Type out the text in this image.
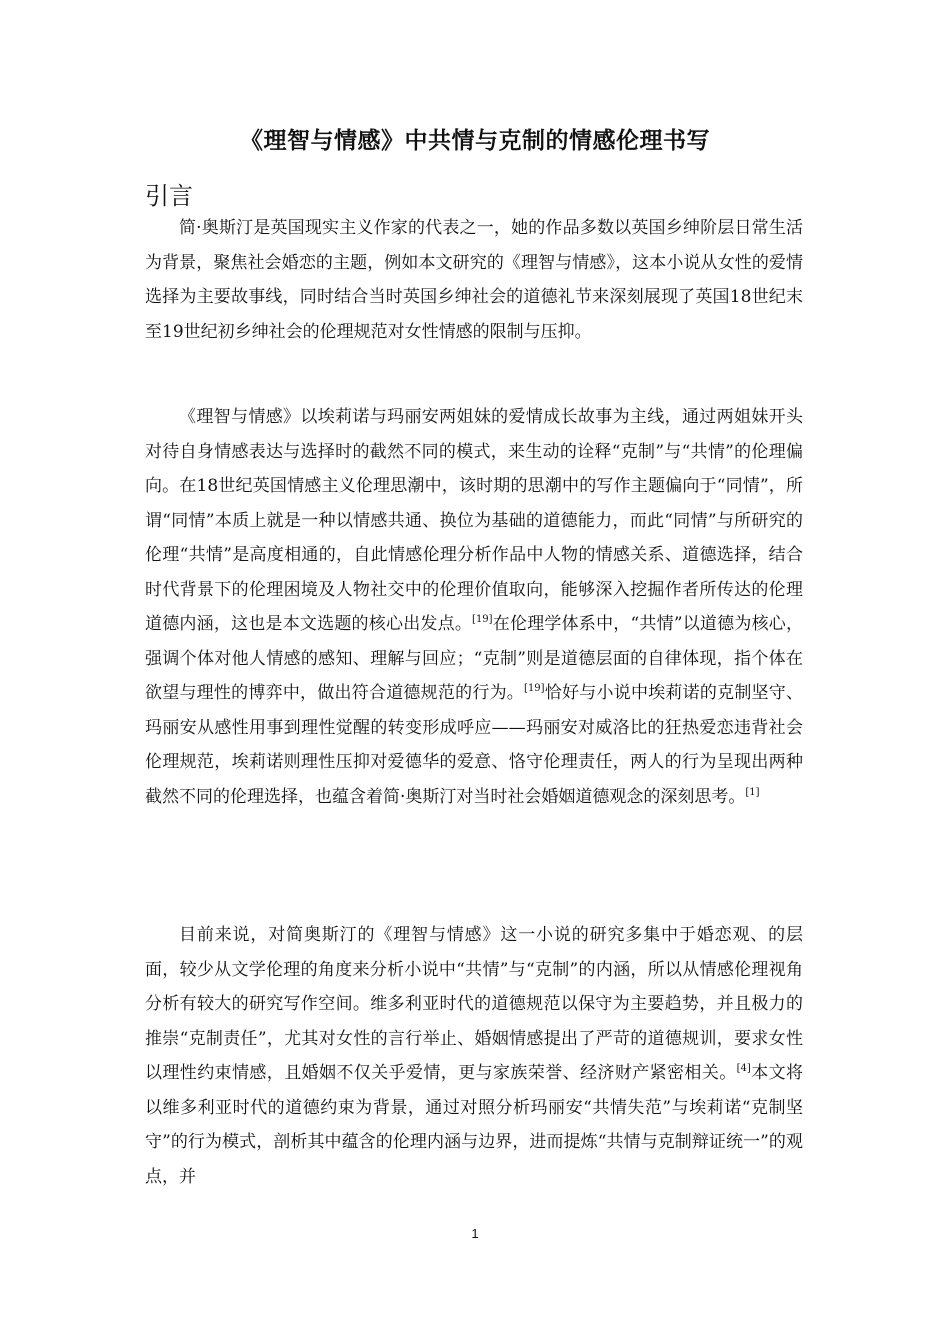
《理智与情感》中共情与克制的情感伦理书写
引言

简·奥斯汀是英国现实主义作家的代表之一，她的作品多数以英国乡绅阶层日常生活为背景，聚焦社会婚恋的主题，例如本文研究的《理智与情感》，这本小说从女性的爱情选择为主要故事线，同时结合当时英国乡绅社会的道德礼节来深刻展现了英国18世纪末至19世纪初乡绅社会的伦理规范对女性情感的限制与压抑。

《理智与情感》以埃莉诺与玛丽安两姐妹的爱情成长故事为主线，通过两姐妹开头对待自身情感表达与选择时的截然不同的模式，来生动的诠释“克制”与“共情”的伦理偏向。在18世纪英国情感主义伦理思潮中，该时期的思潮中的写作主题偏向于“同情”，所谓“同情”本质上就是一种以情感共通、换位为基础的道德能力，而此“同情”与所研究的伦理“共情”是高度相通的，自此情感伦理分析作品中人物的情感关系、道德选择，结合时代背景下的伦理困境及人物社交中的伦理价值取向，能够深入挖掘作者所传达的伦理道德内涵，这也是本文选题的核心出发点。[19]在伦理学体系中，“共情”以道德为核心，强调个体对他人情感的感知、理解与回应；“克制”则是道德层面的自律体现，指个体在欲望与理性的博弈中，做出符合道德规范的行为。[19]恰好与小说中埃莉诺的克制坚守、玛丽安从感性用事到理性觉醒的转变形成呼应——玛丽安对威洛比的狂热爱恋违背社会伦理规范，埃莉诺则理性压抑对爱德华的爱意、恪守伦理责任，两人的行为呈现出两种截然不同的伦理选择，也蕴含着简·奥斯汀对当时社会婚姻道德观念的深刻思考。[1]

目前来说，对简奥斯汀的《理智与情感》这一小说的研究多集中于婚恋观、的层面，较少从文学伦理的角度来分析小说中“共情”与“克制”的内涵，所以从情感伦理视角分析有较大的研究写作空间。维多利亚时代的道德规范以保守为主要趋势，并且极力的推崇“克制责任”，尤其对女性的言行举止、婚姻情感提出了严苛的道德规训，要求女性以理性约束情感，且婚姻不仅关乎爱情，更与家族荣誉、经济财产紧密相关。[4]本文将以维多利亚时代的道德约束为背景，通过对照分析玛丽安“共情失范”与埃莉诺“克制坚守”的行为模式，剖析其中蕴含的伦理内涵与边界，进而提炼“共情与克制辩证统一”的观点，并

1
